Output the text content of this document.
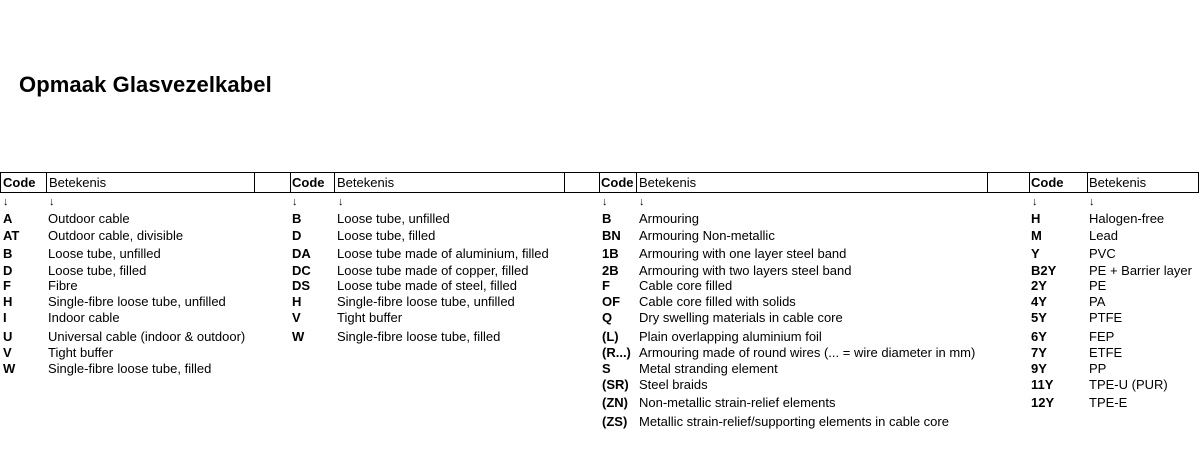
Opmaak Glasvezelkabel
Code Betekenis	Code Betekenis	Code Betekenis	Code Betekenis
↓	↓	↓	↓	↓	↓	↓	↓
A	Outdoor cable
AT Outdoor cable, divisible
B	Loose tube, unfilled
D	Loose tube, filled
F	Fibre
H	Single-fibre loose tube, unfilled
I	Indoor cable
U	Universal cable (indoor & outdoor)
V	Tight buffer
W	Single-fibre loose tube, filled
B	Loose tube, unfilled
D	Loose tube, filled
DA Loose tube made of aluminium, filled
DC Loose tube made of copper, filled
DS Loose tube made of steel, filled
H	Single-fibre loose tube, unfilled
V	Tight buffer
W	Single-fibre loose tube, filled
B Armouring
BN Armouring Non-metallic
1B Armouring with one layer steel band
2B Armouring with two layers steel band
F Cable core filled
OF Cable core filled with solids
Q Dry swelling materials in cable core
(L) Plain overlapping aluminium foil
(R...) Armouring made of round wires (... = wire diameter in mm)
S Metal stranding element
(SR) Steel braids
(ZN) Non-metallic strain-relief elements
(ZS) Metallic strain-relief/supporting elements in cable core
H	Halogen-free
M	Lead
Y	PVC
B2Y	PE + Barrier layer
2Y	PE
4Y	PA
5Y	PTFE
6Y	FEP
7Y	ETFE
9Y	PP
11Y	TPE-U (PUR)
12Y	TPE-E
